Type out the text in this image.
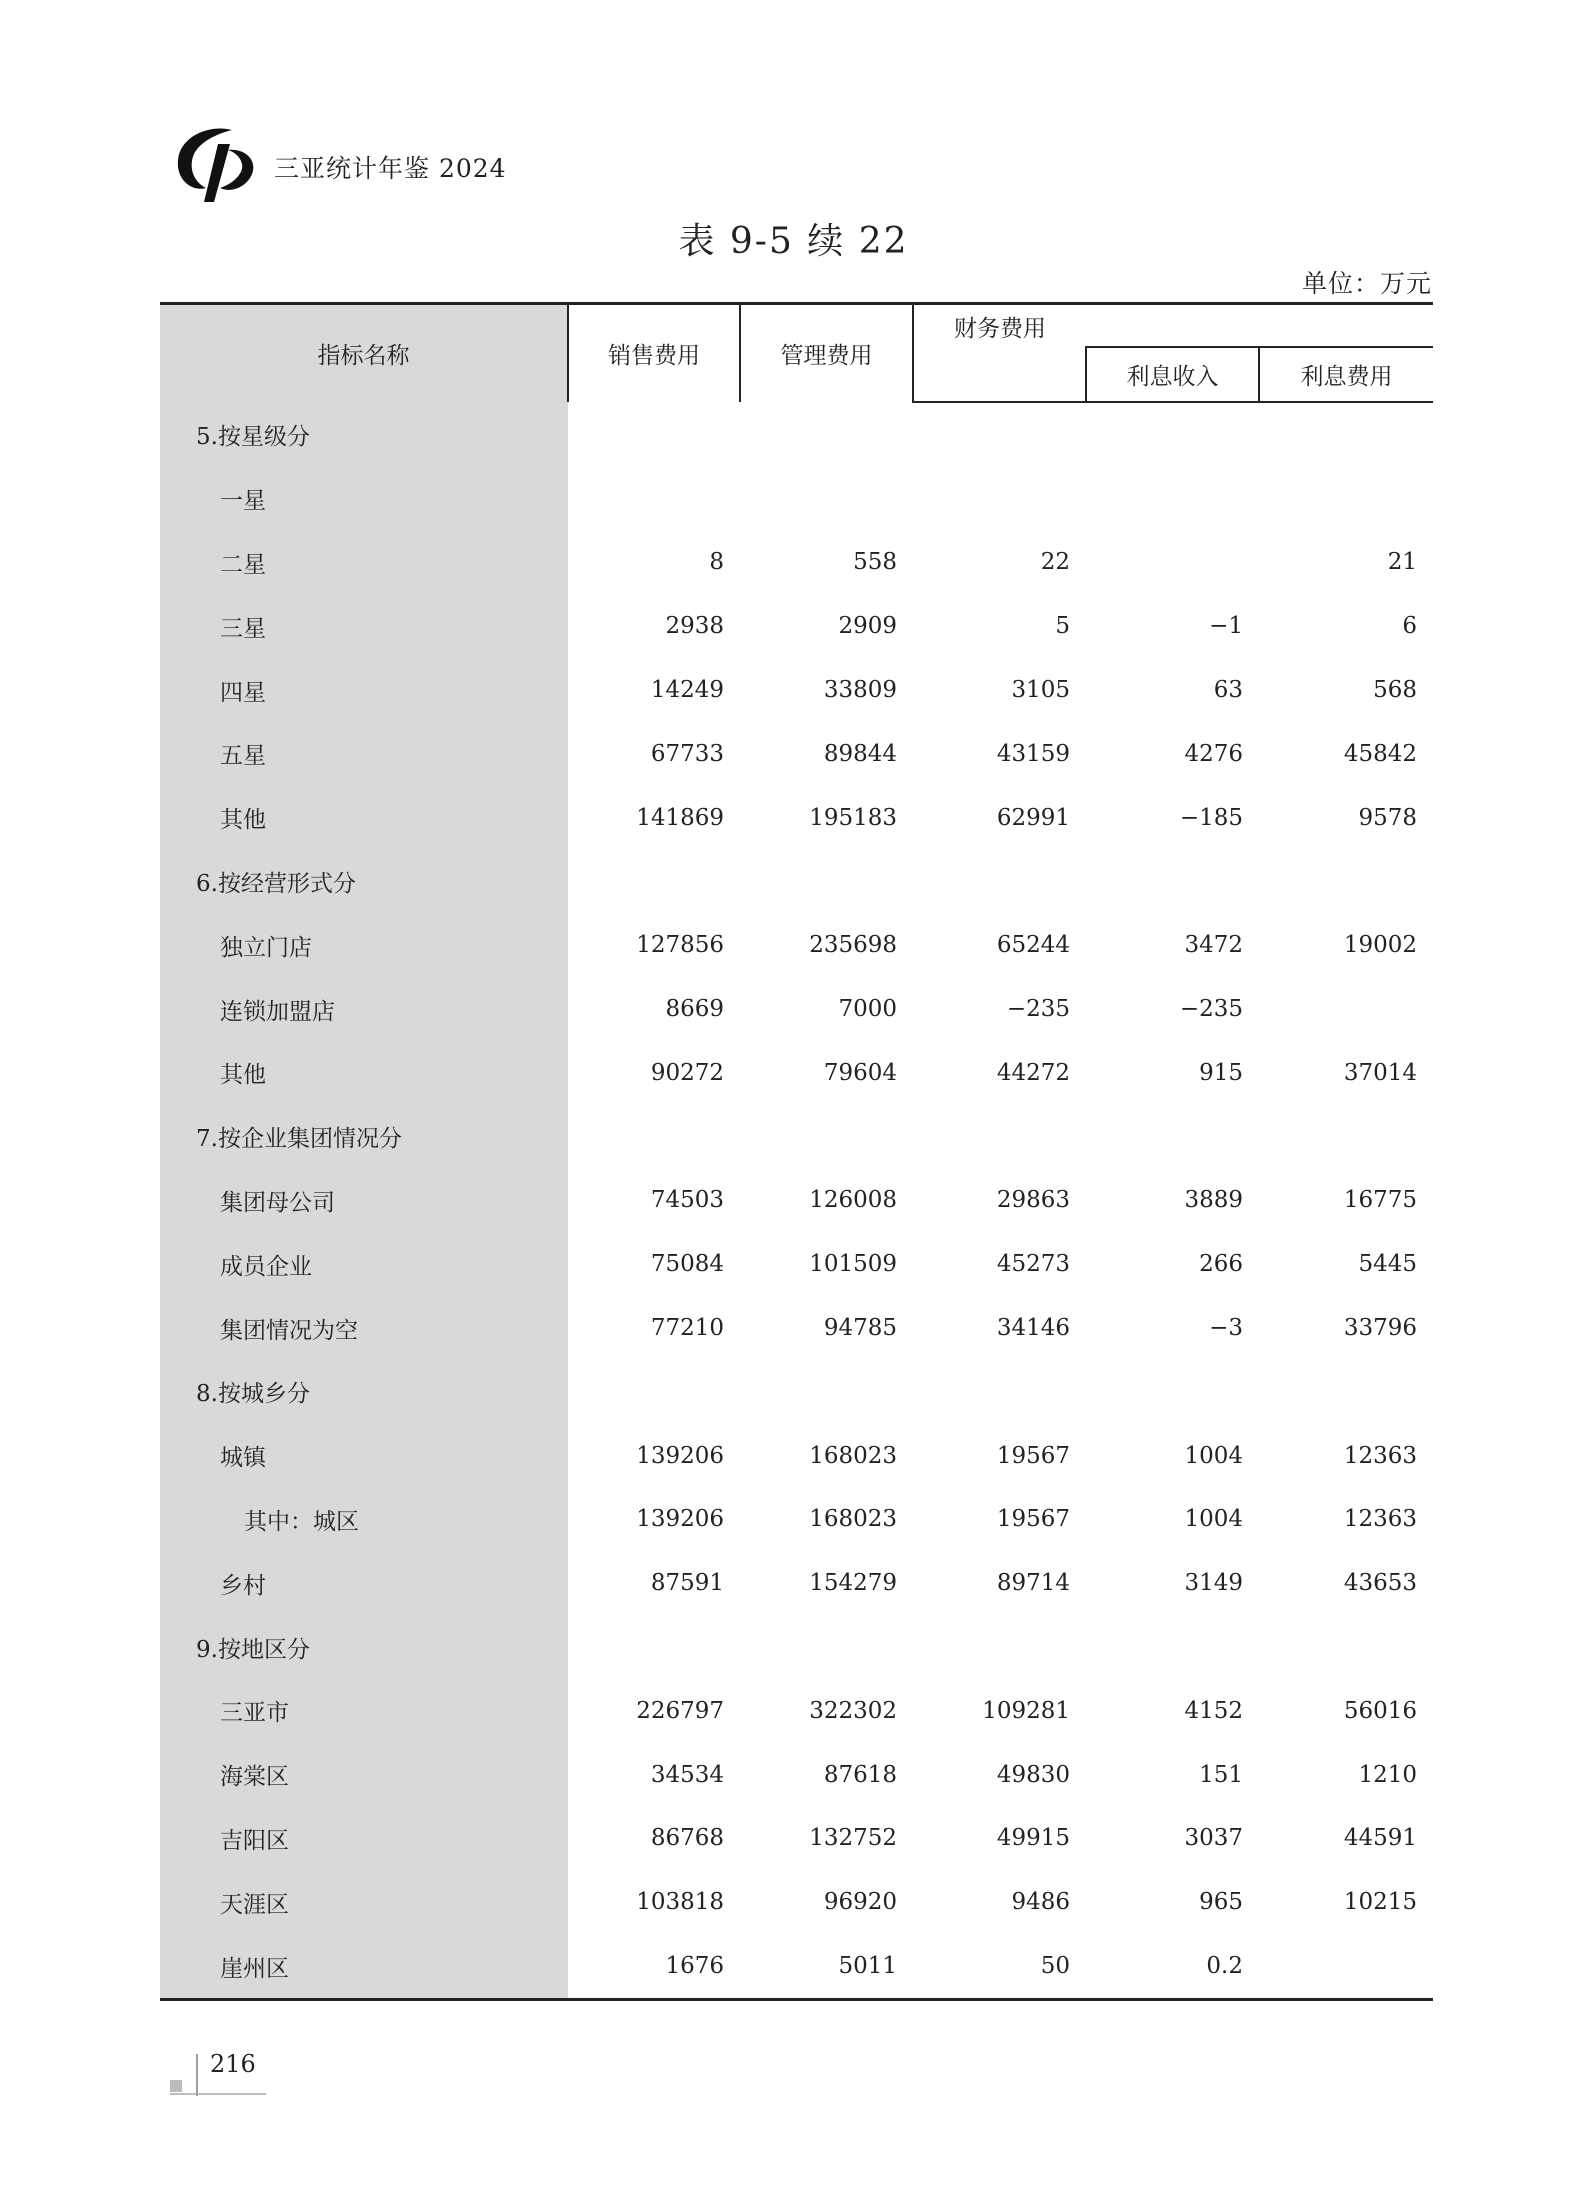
三亚统计年鉴 2024
表 9-5 续 22
单位：万元
指标名称	销售费用	管理费用	财务费用		
				利息收入	利息费用
5.按星级分					
一星					
二星	8	558	22		21
三星	2938	2909	5	−1	6
四星	14249	33809	3105	63	568
五星	67733	89844	43159	4276	45842
其他	141869	195183	62991	−185	9578
6.按经营形式分					
独立门店	127856	235698	65244	3472	19002
连锁加盟店	8669	7000	−235	−235	
其他	90272	79604	44272	915	37014
7.按企业集团情况分					
集团母公司	74503	126008	29863	3889	16775
成员企业	75084	101509	45273	266	5445
集团情况为空	77210	94785	34146	−3	33796
8.按城乡分					
城镇	139206	168023	19567	1004	12363
其中：城区	139206	168023	19567	1004	12363
乡村	87591	154279	89714	3149	43653
9.按地区分					
三亚市	226797	322302	109281	4152	56016
海棠区	34534	87618	49830	151	1210
吉阳区	86768	132752	49915	3037	44591
天涯区	103818	96920	9486	965	10215
崖州区	1676	5011	50	0.2	
216
